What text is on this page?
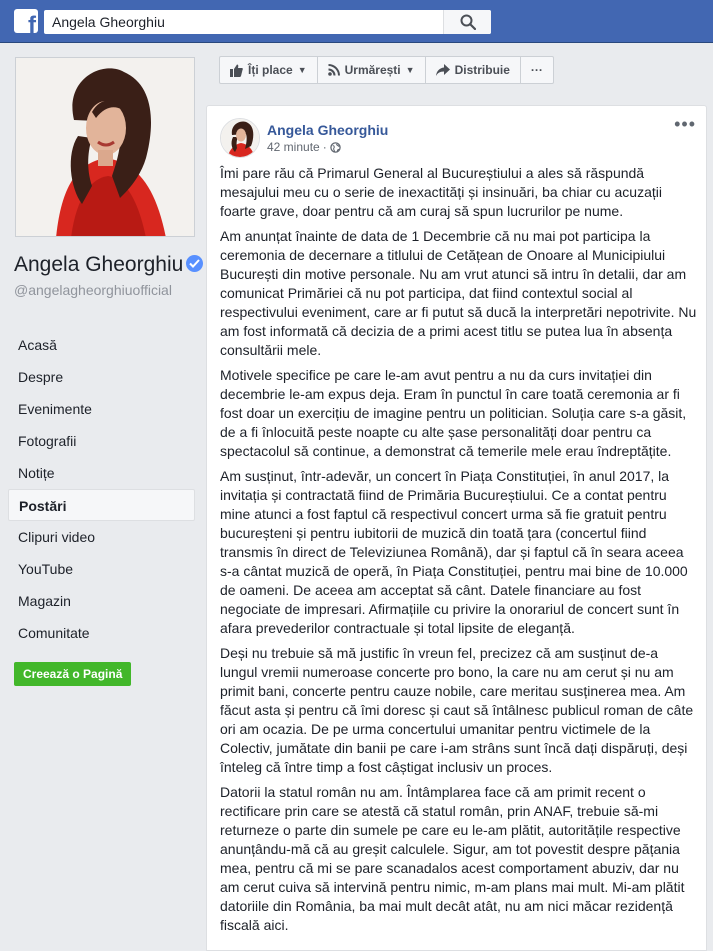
f
Angela Gheorghiu
Angela Gheorghiu
@angelagheorghiuofficial
Acasă
Despre
Evenimente
Fotografii
Notițe
Postări
Clipuri video
YouTube
Magazin
Comunitate
Creează o Pagină
Îți place ▼	Urmărești ▼	Distribuie ···
Angela Gheorghiu
42 minute ·
•••

Îmi pare rău că Primarul General al Bucureștiului a ales să răspundă mesajului meu cu o serie de inexactități și insinuări, ba chiar cu acuzații foarte grave, doar pentru că am curaj să spun lucrurilor pe nume.

Am anunțat înainte de data de 1 Decembrie că nu mai pot participa la ceremonia de decernare a titlului de Cetățean de Onoare al Municipiului București din motive personale. Nu am vrut atunci să intru în detalii, dar am comunicat Primăriei că nu pot participa, dat fiind contextul social al respectivului eveniment, care ar fi putut să ducă la interpretări nepotrivite. Nu am fost informată că decizia de a primi acest titlu se putea lua în absența consultării mele.

Motivele specifice pe care le-am avut pentru a nu da curs invitației din decembrie le-am expus deja. Eram în punctul în care toată ceremonia ar fi fost doar un exercițiu de imagine pentru un politician. Soluția care s-a găsit, de a fi înlocuită peste noapte cu alte șase personalități doar pentru ca spectacolul să continue, a demonstrat că temerile mele erau îndreptățite.

Am susținut, într-adevăr, un concert în Piața Constituției, în anul 2017, la invitația și contractată fiind de Primăria Bucureștiului. Ce a contat pentru mine atunci a fost faptul că respectivul concert urma să fie gratuit pentru bucureșteni și pentru iubitorii de muzică din toată țara (concertul fiind transmis în direct de Televiziunea Română), dar și faptul că în seara aceea s-a cântat muzică de operă, în Piața Constituției, pentru mai bine de 10.000 de oameni. De aceea am acceptat să cânt. Datele financiare au fost negociate de impresari. Afirmațiile cu privire la onorariul de concert sunt în afara prevederilor contractuale și total lipsite de eleganță.

Deși nu trebuie să mă justific în vreun fel, precizez că am susținut de-a lungul vremii numeroase concerte pro bono, la care nu am cerut și nu am primit bani, concerte pentru cauze nobile, care meritau susținerea mea. Am făcut asta și pentru că îmi doresc și caut să întâlnesc publicul roman de câte ori am ocazia. De pe urma concertului umanitar pentru victimele de la Colectiv, jumătate din banii pe care i-am strâns sunt încă dați dispăruți, deși înteleg că între timp a fost câștigat inclusiv un proces.

Datorii la statul român nu am. Întâmplarea face că am primit recent o rectificare prin care se atestă că statul român, prin ANAF, trebuie să-mi returneze o parte din sumele pe care eu le-am plătit, autoritățile respective anunțându-mă că au greșit calculele. Sigur, am tot povestit despre pățania mea, pentru că mi se pare scanadalos acest comportament abuziv, dar nu am cerut cuiva să intervină pentru nimic, m-am plans mai mult. Mi-am plătit datoriile din România, ba mai mult decât atât, nu am nici măcar rezidență fiscală aici.
